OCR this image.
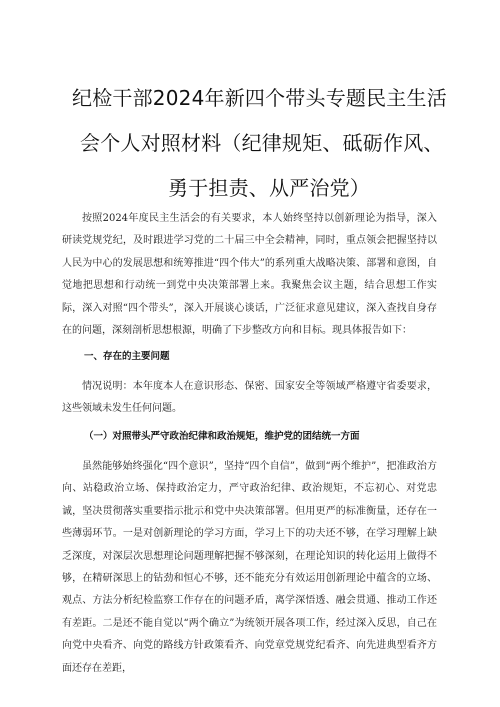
纪检干部2024年新四个带头专题民主生活
会个人对照材料（纪律规矩、砥砺作风、
勇于担责、从严治党）

按照2024年度民主生活会的有关要求，本人始终坚持以创新理论为指导，深入研读党规党纪，及时跟进学习党的二十届三中全会精神，同时，重点领会把握坚持以人民为中心的发展思想和统筹推进“四个伟大”的系列重大战略决策、部署和意图，自觉地把思想和行动统一到党中央决策部署上来。我聚焦会议主题，结合思想工作实际，深入对照“四个带头”，深入开展谈心谈话，广泛征求意见建议，深入查找自身存在的问题，深刻剖析思想根源，明确了下步整改方向和目标。现具体报告如下：

一、存在的主要问题

情况说明：本年度本人在意识形态、保密、国家安全等领域严格遵守省委要求，这些领域未发生任何问题。

（一）对照带头严守政治纪律和政治规矩，维护党的团结统一方面

虽然能够始终强化“四个意识”，坚持“四个自信”，做到“两个维护”，把准政治方向、站稳政治立场、保持政治定力，严守政治纪律、政治规矩，不忘初心、对党忠诚，坚决贯彻落实重要指示批示和党中央决策部署。但用更严的标准衡量，还存在一些薄弱环节。一是对创新理论的学习方面，学习上下的功夫还不够，在学习理解上缺乏深度，对深层次思想理论问题理解把握不够深刻，在理论知识的转化运用上做得不够，在精研深思上的钻劲和恒心不够，还不能充分有效运用创新理论中蕴含的立场、观点、方法分析纪检监察工作存在的问题矛盾，离学深悟透、融会贯通、推动工作还有差距。二是还不能自觉以“两个确立”为统领开展各项工作，经过深入反思，自己在向党中央看齐、向党的路线方针政策看齐、向党章党规党纪看齐、向先进典型看齐方面还存在差距，
